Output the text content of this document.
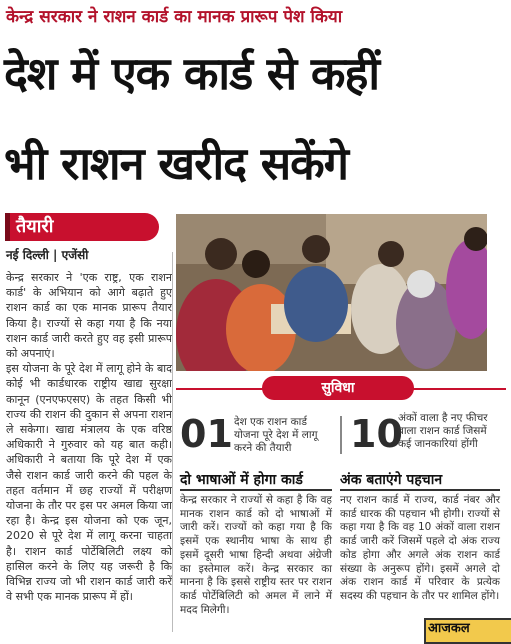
केन्द्र सरकार ने राशन कार्ड का मानक प्रारूप पेश किया
देश में एक कार्ड से कहीं
भी राशन खरीद सकेंगे
तैयारी
नई दिल्ली | एजेंसी

केन्द्र सरकार ने 'एक राष्ट्र, एक राशन कार्ड' के अभियान को आगे बढ़ाते हुए राशन कार्ड का एक मानक प्रारूप तैयार किया है। राज्यों से कहा गया है कि नया राशन कार्ड जारी करते हुए वह इसी प्रारूप को अपनाएं।

इस योजना के पूरे देश में लागू होने के बाद कोई भी कार्डधारक राष्ट्रीय खाद्य सुरक्षा कानून (एनएफएसए) के तहत किसी भी राज्य की राशन की दुकान से अपना राशन ले सकेगा। खाद्य मंत्रालय के एक वरिष्ठ अधिकारी ने गुरुवार को यह बात कही। अधिकारी ने बताया कि पूरे देश में एक जैसे राशन कार्ड जारी करने की पहल के तहत वर्तमान में छह राज्यों में परीक्षण योजना के तौर पर इस पर अमल किया जा रहा है। केन्द्र इस योजना को एक जून, 2020 से पूरे देश में लागू करना चाहता है। राशन कार्ड पोर्टेबिलिटी लक्ष्य को हासिल करने के लिए यह जरूरी है कि विभिन्न राज्य जो भी राशन कार्ड जारी करें वे सभी एक मानक प्रारूप में हों।

सुविधा
01 देश एक राशन कार्ड योजना पूरे देश में लागू करने की तैयारी	10
अंकों वाला है नए फीचर वाला राशन कार्ड जिसमें कई जानकारियां होंगी
दो भाषाओं में होगा कार्ड
केन्द्र सरकार ने राज्यों से कहा है कि वह मानक राशन कार्ड को दो भाषाओं में जारी करें। राज्यों को कहा गया है कि इसमें एक स्थानीय भाषा के साथ ही इसमें दूसरी भाषा हिन्दी अथवा अंग्रेजी का इस्तेमाल करें। केन्द्र सरकार का मानना है कि इससे राष्ट्रीय स्तर पर राशन कार्ड पोर्टेबिलिटी को अमल में लाने में मदद मिलेगी।
अंक बताएंगे पहचान
नए राशन कार्ड में राज्य, कार्ड नंबर और कार्ड धारक की पहचान भी होगी। राज्यों से कहा गया है कि वह 10 अंकों वाला राशन कार्ड जारी करें जिसमें पहले दो अंक राज्य कोड होगा और अगले अंक राशन कार्ड संख्या के अनुरूप होंगे। इसमें अगले दो अंक राशन कार्ड में परिवार के प्रत्येक सदस्य की पहचान के तौर पर शामिल होंगे।
आजकल
